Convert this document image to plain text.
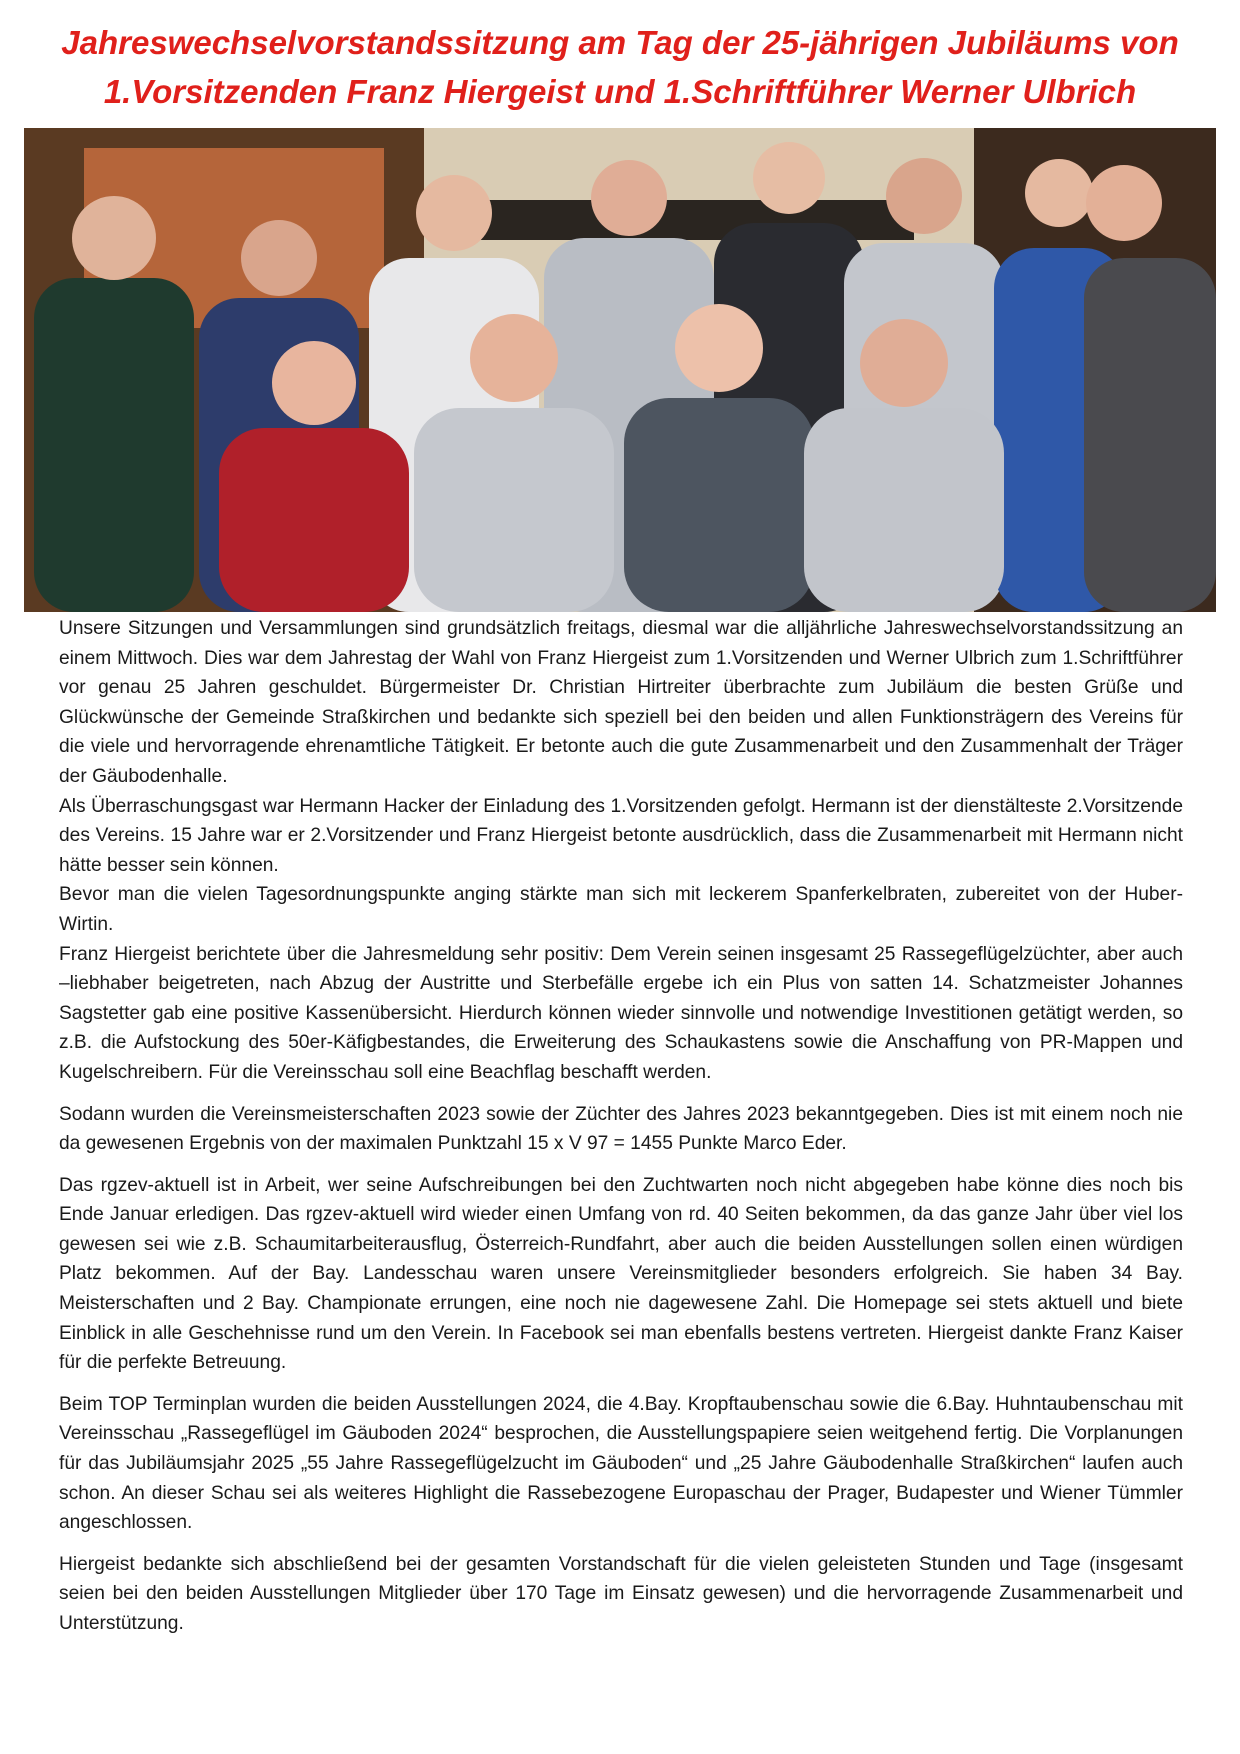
Jahreswechselvorstandssitzung am Tag der 25-jährigen Jubiläums von
1.Vorsitzenden Franz Hiergeist und 1.Schriftführer Werner Ulbrich

Unsere Sitzungen und Versammlungen sind grundsätzlich freitags, diesmal war die alljährliche Jahreswechselvorstandssitzung an einem Mittwoch. Dies war dem Jahrestag der Wahl von Franz Hiergeist zum 1.Vorsitzenden und Werner Ulbrich zum 1.Schriftführer vor genau 25 Jahren geschuldet. Bürgermeister Dr. Christian Hirtreiter überbrachte zum Jubiläum die besten Grüße und Glückwünsche der Gemeinde Straßkirchen und bedankte sich speziell bei den beiden und allen Funktionsträgern des Vereins für die viele und hervorragende ehrenamtliche Tätigkeit. Er betonte auch die gute Zusammenarbeit und den Zusammenhalt der Träger der Gäubodenhalle.

Als Überraschungsgast war Hermann Hacker der Einladung des 1.Vorsitzenden gefolgt. Hermann ist der dienstälteste 2.Vorsitzende des Vereins. 15 Jahre war er 2.Vorsitzender und Franz Hiergeist betonte ausdrücklich, dass die Zusammenarbeit mit Hermann nicht hätte besser sein können.

Bevor man die vielen Tagesordnungspunkte anging stärkte man sich mit leckerem Spanferkelbraten, zubereitet von der Huber-Wirtin.

Franz Hiergeist berichtete über die Jahresmeldung sehr positiv: Dem Verein seinen insgesamt 25 Rassegeflügelzüchter, aber auch –liebhaber beigetreten, nach Abzug der Austritte und Sterbefälle ergebe ich ein Plus von satten 14. Schatzmeister Johannes Sagstetter gab eine positive Kassenübersicht. Hierdurch können wieder sinnvolle und notwendige Investitionen getätigt werden, so z.B. die Aufstockung des 50er-Käfigbestandes, die Erweiterung des Schaukastens sowie die Anschaffung von PR-Mappen und Kugelschreibern. Für die Vereinsschau soll eine Beachflag beschafft werden.

Sodann wurden die Vereinsmeisterschaften 2023 sowie der Züchter des Jahres 2023 bekanntgegeben. Dies ist mit einem noch nie da gewesenen Ergebnis von der maximalen Punktzahl 15 x V 97 = 1455 Punkte Marco Eder.

Das rgzev-aktuell ist in Arbeit, wer seine Aufschreibungen bei den Zuchtwarten noch nicht abgegeben habe könne dies noch bis Ende Januar erledigen. Das rgzev-aktuell wird wieder einen Umfang von rd. 40 Seiten bekommen, da das ganze Jahr über viel los gewesen sei wie z.B. Schaumitarbeiterausflug, Österreich-Rundfahrt, aber auch die beiden Ausstellungen sollen einen würdigen Platz bekommen. Auf der Bay. Landesschau waren unsere Vereinsmitglieder besonders erfolgreich. Sie haben 34 Bay. Meisterschaften und 2 Bay. Championate errungen, eine noch nie dagewesene Zahl. Die Homepage sei stets aktuell und biete Einblick in alle Geschehnisse rund um den Verein. In Facebook sei man ebenfalls bestens vertreten. Hiergeist dankte Franz Kaiser für die perfekte Betreuung.

Beim TOP Terminplan wurden die beiden Ausstellungen 2024, die 4.Bay. Kropftaubenschau sowie die 6.Bay. Huhntaubenschau mit Vereinsschau „Rassegeflügel im Gäuboden 2024“ besprochen, die Ausstellungspapiere seien weitgehend fertig. Die Vorplanungen für das Jubiläumsjahr 2025 „55 Jahre Rassegeflügelzucht im Gäuboden“ und „25 Jahre Gäubodenhalle Straßkirchen“ laufen auch schon. An dieser Schau sei als weiteres Highlight die Rassebezogene Europaschau der Prager, Budapester und Wiener Tümmler angeschlossen.

Hiergeist bedankte sich abschließend bei der gesamten Vorstandschaft für die vielen geleisteten Stunden und Tage (insgesamt seien bei den beiden Ausstellungen Mitglieder über 170 Tage im Einsatz gewesen) und die hervorragende Zusammenarbeit und Unterstützung.
